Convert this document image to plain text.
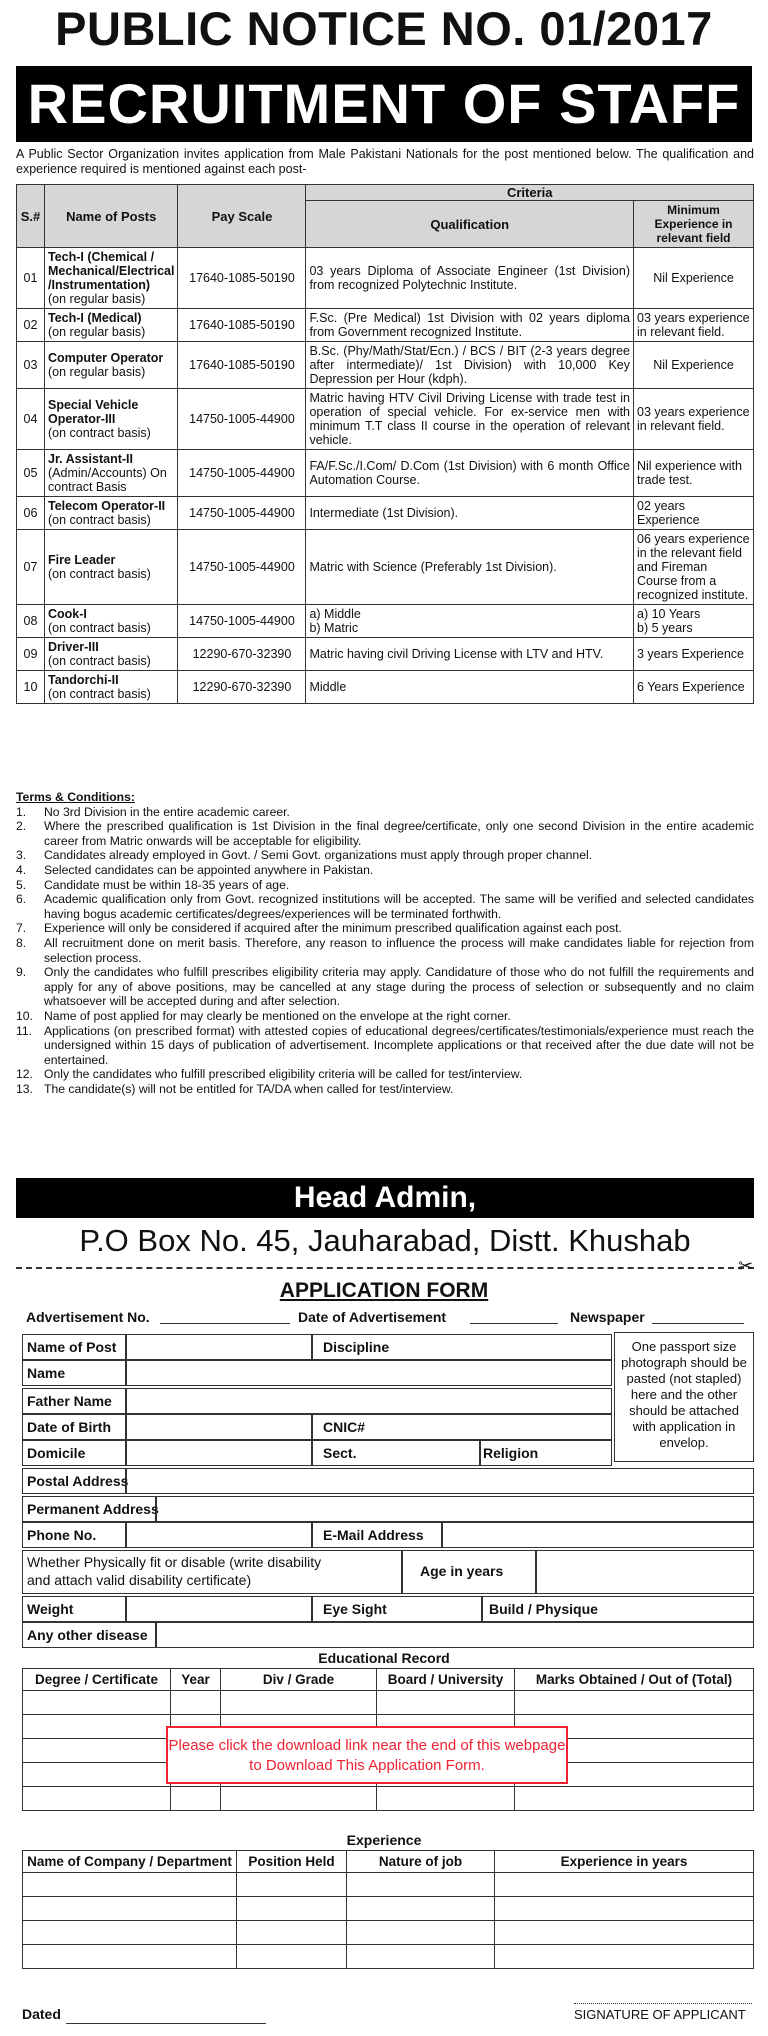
PUBLIC NOTICE NO. 01/2017
RECRUITMENT OF STAFF
A Public Sector Organization invites application from Male Pakistani Nationals for the post mentioned below. The qualification and experience required is mentioned against each post-
S.#	Name of Posts	Pay Scale	Criteria	
			Qualification	Minimum Experience in relevant field
01	Tech-I (Chemical / Mechanical/Electrical /Instrumentation)
(on regular basis)	17640-1085-50190	03 years Diploma of Associate Engineer (1st Division) from recognized Polytechnic Institute.	Nil Experience
02	Tech-I (Medical)
(on regular basis)	17640-1085-50190	F.Sc. (Pre Medical) 1st Division with 02 years diploma from Government recognized Institute.	03 years experience in relevant field.
03	Computer Operator
(on regular basis)	17640-1085-50190	B.Sc. (Phy/Math/Stat/Ecn.) / BCS / BIT (2-3 years degree after intermediate)/ 1st Division) with 10,000 Key Depression per Hour (kdph).	Nil Experience
04	Special Vehicle Operator-III
(on contract basis)	14750-1005-44900	Matric having HTV Civil Driving License with trade test in operation of special vehicle. For ex-service men with minimum T.T class II course in the operation of relevant vehicle.	03 years experience in relevant field.
05	Jr. Assistant-II
(Admin/Accounts) On contract Basis	14750-1005-44900	FA/F.Sc./I.Com/ D.Com (1st Division) with 6 month Office Automation Course.	Nil experience with trade test.
06	Telecom Operator-II
(on contract basis)	14750-1005-44900	Intermediate (1st Division).	02 years Experience
07	Fire Leader
(on contract basis)	14750-1005-44900	Matric with Science (Preferably 1st Division).	06 years experience in the relevant field and Fireman Course from a recognized institute.
08	Cook-I
(on contract basis)	14750-1005-44900	a) Middle
b) Matric	a) 10 Years
b) 5 years
09	Driver-III
(on contract basis)	12290-670-32390	Matric having civil Driving License with LTV and HTV.	3 years Experience
10	Tandorchi-II
(on contract basis)	12290-670-32390	Middle	6 Years Experience
Terms & Conditions:
1. No 3rd Division in the entire academic career.
2. Where the prescribed qualification is 1st Division in the final degree/certificate, only one second Division in the entire academic career from Matric onwards will be acceptable for eligibility.
3. Candidates already employed in Govt. / Semi Govt. organizations must apply through proper channel.
4. Selected candidates can be appointed anywhere in Pakistan.
5. Candidate must be within 18-35 years of age.
6. Academic qualification only from Govt. recognized institutions will be accepted. The same will be verified and selected candidates having bogus academic certificates/degrees/experiences will be terminated forthwith.
7. Experience will only be considered if acquired after the minimum prescribed qualification against each post.
8. All recruitment done on merit basis. Therefore, any reason to influence the process will make candidates liable for rejection from selection process.
9. Only the candidates who fulfill prescribes eligibility criteria may apply. Candidature of those who do not fulfill the requirements and apply for any of above positions, may be cancelled at any stage during the process of selection or subsequently and no claim whatsoever will be accepted during and after selection.
10. Name of post applied for may clearly be mentioned on the envelope at the right corner.
11. Applications (on prescribed format) with attested copies of educational degrees/certificates/testimonials/experience must reach the undersigned within 15 days of publication of advertisement. Incomplete applications or that received after the due date will not be entertained.
12. Only the candidates who fulfill prescribed eligibility criteria will be called for test/interview.
13. The candidate(s) will not be entitled for TA/DA when called for test/interview.
Head Admin,
P.O Box No. 45, Jauharabad, Distt. Khushab
✂
APPLICATION FORM
Advertisement No.	Date of Advertisement	Newspaper
Name of Post	Discipline
Name
Father Name
Date of Birth	CNIC#
Domicile	Sect.	Religion
One passport size photograph should be pasted (not stapled) here and the other should be attached with application in envelop.
Postal Address
Permanent Address
Phone No.	E-Mail Address
Whether Physically fit or disable (write disability and attach valid disability certificate)
Age in years
Weight	Eye Sight	Build / Physique
Any other disease
Educational Record
Degree / Certificate	Year	Div / Grade	Board / University	Marks Obtained / Out of (Total)

Please click the download link near the end of this webpage to Download This Application Form.
Experience
Name of Company / Department	Position Held	Nature of job	Experience in years

Dated	SIGNATURE OF APPLICANT
